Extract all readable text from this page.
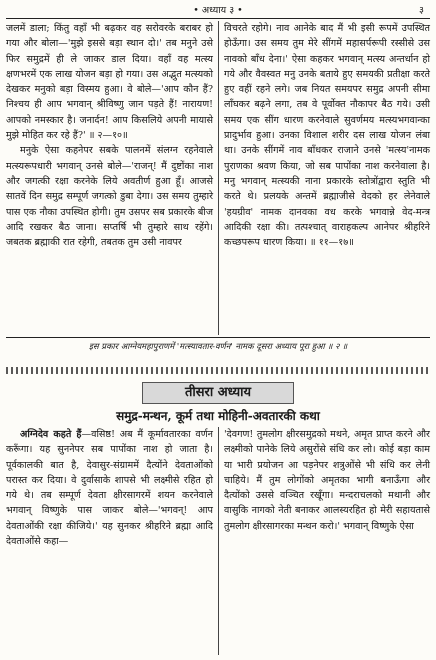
• अध्याय ३ •	३

जलमें डाला; किंतु वहाँ भी बढ़कर वह सरोवरके बराबर हो गया और बोला—'मुझे इससे बड़ा स्थान दो।' तब मनुने उसे फिर समुद्रमें ही ले जाकर डाल दिया। वहाँ वह मत्स्य क्षणभरमें एक लाख योजन बड़ा हो गया। उस अद्भुत मत्स्यको देखकर मनुको बड़ा विस्मय हुआ। वे बोले—'आप कौन हैं? निश्चय ही आप भगवान् श्रीविष्णु जान पड़ते हैं! नारायण! आपको नमस्कार है। जनार्दन! आप किसलिये अपनी मायासे मुझे मोहित कर रहे हैं?' ॥ २—१०॥

मनुके ऐसा कहनेपर सबके पालनमें संलग्न रहनेवाले मत्स्यरूपधारी भगवान् उनसे बोले—'राजन्! मैं दुष्टोंका नाश और जगत्की रक्षा करनेके लिये अवतीर्ण हुआ हूँ। आजसे सातवें दिन समुद्र सम्पूर्ण जगत्को डुबा देगा। उस समय तुम्हारे पास एक नौका उपस्थित होगी। तुम उसपर सब प्रकारके बीज आदि रखकर बैठ जाना। सप्तर्षि भी तुम्हारे साथ रहेंगे। जबतक ब्रह्माकी रात रहेगी, तबतक तुम उसी नावपर

विचरते रहोगे। नाव आनेके बाद मैं भी इसी रूपमें उपस्थित होऊँगा। उस समय तुम मेरे सींगमें महासर्परूपी रस्सीसे उस नावको बाँध देना।' ऐसा कहकर भगवान् मत्स्य अन्तर्धान हो गये और वैवस्वत मनु उनके बताये हुए समयकी प्रतीक्षा करते हुए वहीं रहने लगे। जब नियत समयपर समुद्र अपनी सीमा लाँघकर बढ़ने लगा, तब वे पूर्वोक्त नौकापर बैठ गये। उसी समय एक सींग धारण करनेवाले सुवर्णमय मत्स्यभगवान्का प्रादुर्भाव हुआ। उनका विशाल शरीर दस लाख योजन लंबा था। उनके सींगमें नाव बाँधकर राजाने उनसे 'मत्स्य'नामक पुराणका श्रवण किया, जो सब पापोंका नाश करनेवाला है। मनु भगवान् मत्स्यकी नाना प्रकारके स्तोत्रोंद्वारा स्तुति भी करते थे। प्रलयके अन्तमें ब्रह्माजीसे वेदको हर लेनेवाले 'हयग्रीव' नामक दानवका वध करके भगवान्ने वेद-मन्त्र आदिकी रक्षा की। तत्पश्चात् वाराहकल्प आनेपर श्रीहरिने कच्छपरूप धारण किया। ॥ ११—१७॥

इस प्रकार आग्नेयमहापुराणमें 'मत्स्यावतार-वर्णन' नामक दूसरा अध्याय पूरा हुआ ॥ २ ॥
तीसरा अध्याय
समुद्र-मन्थन, कूर्म तथा मोहिनी-अवतारकी कथा

अग्निदेव कहते हैं—वसिष्ठ! अब मैं कूर्मावतारका वर्णन करूँगा। यह सुननेपर सब पापोंका नाश हो जाता है। पूर्वकालकी बात है, देवासुर-संग्राममें दैत्योंने देवताओंको परास्त कर दिया। वे दुर्वासाके शापसे भी लक्ष्मीसे रहित हो गये थे। तब सम्पूर्ण देवता क्षीरसागरमें शयन करनेवाले भगवान् विष्णुके पास जाकर बोले—'भगवन्! आप देवताओंकी रक्षा कीजिये।' यह सुनकर श्रीहरिने ब्रह्मा आदि देवताओंसे कहा—

'देवगण! तुमलोग क्षीरसमुद्रको मथने, अमृत प्राप्त करने और लक्ष्मीको पानेके लिये असुरोंसे संधि कर लो। कोई बड़ा काम या भारी प्रयोजन आ पड़नेपर शत्रुओंसे भी संधि कर लेनी चाहिये। मैं तुम लोगोंको अमृतका भागी बनाऊँगा और दैत्योंको उससे वञ्चित रखूँगा। मन्दराचलको मथानी और वासुकि नागको नेती बनाकर आलस्यरहित हो मेरी सहायतासे तुमलोग क्षीरसागरका मन्थन करो।' भगवान् विष्णुके ऐसा
